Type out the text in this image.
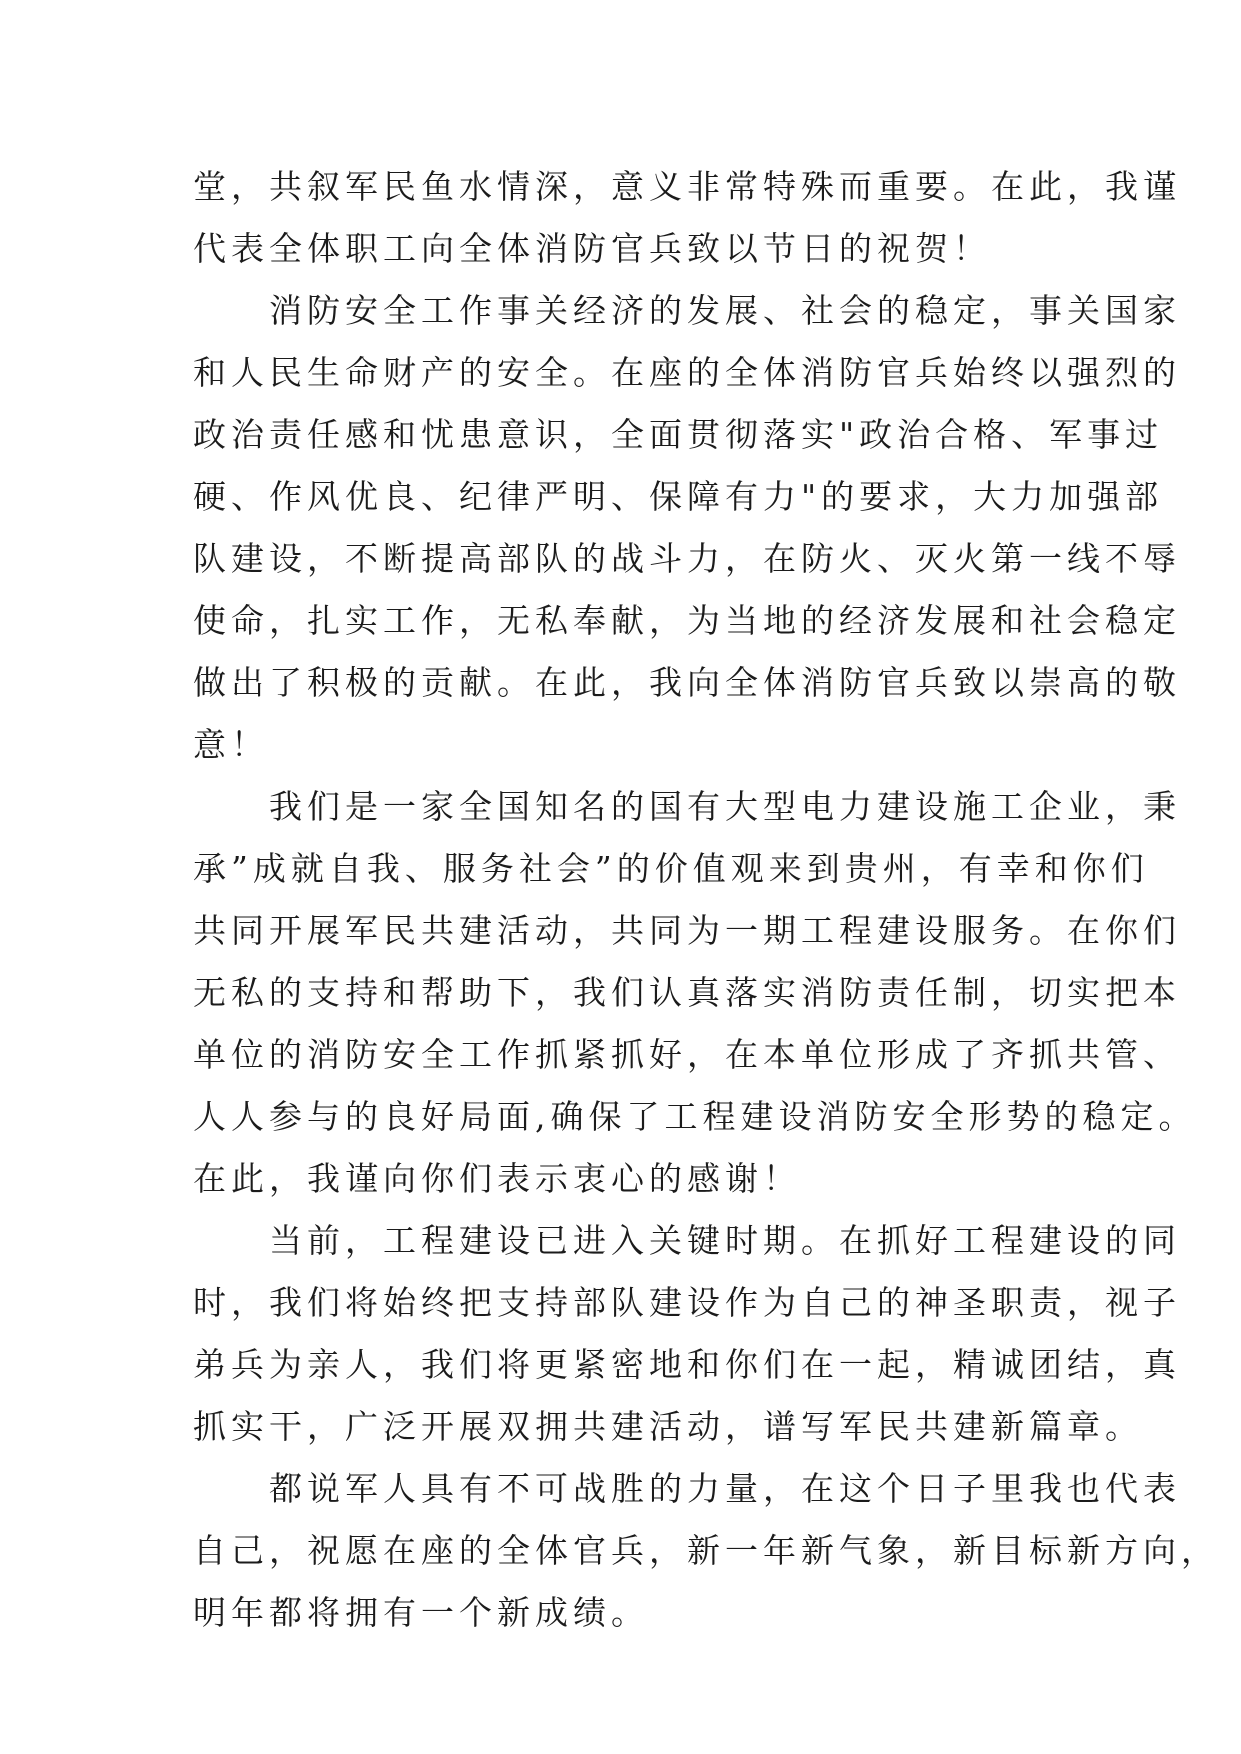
堂，共叙军民鱼水情深，意义非常特殊而重要。在此，我谨
代表全体职工向全体消防官兵致以节日的祝贺！
消防安全工作事关经济的发展、社会的稳定，事关国家
和人民生命财产的安全。在座的全体消防官兵始终以强烈的
政治责任感和忧患意识，全面贯彻落实"政治合格、军事过
硬、作风优良、纪律严明、保障有力"的要求，大力加强部
队建设，不断提高部队的战斗力，在防火、灭火第一线不辱
使命，扎实工作，无私奉献，为当地的经济发展和社会稳定
做出了积极的贡献。在此，我向全体消防官兵致以崇高的敬
意！
我们是一家全国知名的国有大型电力建设施工企业，秉
承”成就自我、服务社会”的价值观来到贵州，有幸和你们
共同开展军民共建活动，共同为一期工程建设服务。在你们
无私的支持和帮助下，我们认真落实消防责任制，切实把本
单位的消防安全工作抓紧抓好，在本单位形成了齐抓共管、
人人参与的良好局面,确保了工程建设消防安全形势的稳定。
在此，我谨向你们表示衷心的感谢！
当前，工程建设已进入关键时期。在抓好工程建设的同
时，我们将始终把支持部队建设作为自己的神圣职责，视子
弟兵为亲人，我们将更紧密地和你们在一起，精诚团结，真
抓实干，广泛开展双拥共建活动，谱写军民共建新篇章。
都说军人具有不可战胜的力量，在这个日子里我也代表
自己，祝愿在座的全体官兵，新一年新气象，新目标新方向，
明年都将拥有一个新成绩。
